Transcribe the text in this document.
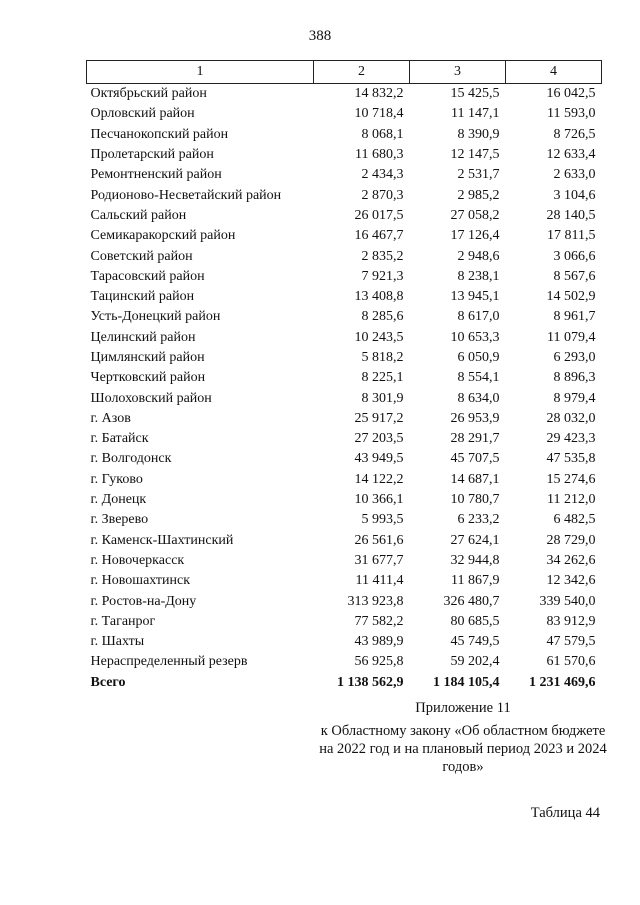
388
1	2	3	4
Октябрьский район	14 832,2	15 425,5	16 042,5
Орловский район	10 718,4	11 147,1	11 593,0
Песчанокопский район	8 068,1	8 390,9	8 726,5
Пролетарский район	11 680,3	12 147,5	12 633,4
Ремонтненский район	2 434,3	2 531,7	2 633,0
Родионово-Несветайский район	2 870,3	2 985,2	3 104,6
Сальский район	26 017,5	27 058,2	28 140,5
Семикаракорский район	16 467,7	17 126,4	17 811,5
Советский район	2 835,2	2 948,6	3 066,6
Тарасовский район	7 921,3	8 238,1	8 567,6
Тацинский район	13 408,8	13 945,1	14 502,9
Усть-Донецкий район	8 285,6	8 617,0	8 961,7
Целинский район	10 243,5	10 653,3	11 079,4
Цимлянский район	5 818,2	6 050,9	6 293,0
Чертковский район	8 225,1	8 554,1	8 896,3
Шолоховский район	8 301,9	8 634,0	8 979,4
г. Азов	25 917,2	26 953,9	28 032,0
г. Батайск	27 203,5	28 291,7	29 423,3
г. Волгодонск	43 949,5	45 707,5	47 535,8
г. Гуково	14 122,2	14 687,1	15 274,6
г. Донецк	10 366,1	10 780,7	11 212,0
г. Зверево	5 993,5	6 233,2	6 482,5
г. Каменск-Шахтинский	26 561,6	27 624,1	28 729,0
г. Новочеркасск	31 677,7	32 944,8	34 262,6
г. Новошахтинск	11 411,4	11 867,9	12 342,6
г. Ростов-на-Дону	313 923,8	326 480,7	339 540,0
г. Таганрог	77 582,2	80 685,5	83 912,9
г. Шахты	43 989,9	45 749,5	47 579,5
Нераспределенный резерв	56 925,8	59 202,4	61 570,6
Всего	1 138 562,9	1 184 105,4	1 231 469,6
Приложение 11
к Областному закону «Об областном бюджете на 2022 год и на плановый период 2023 и 2024 годов»
Таблица 44
